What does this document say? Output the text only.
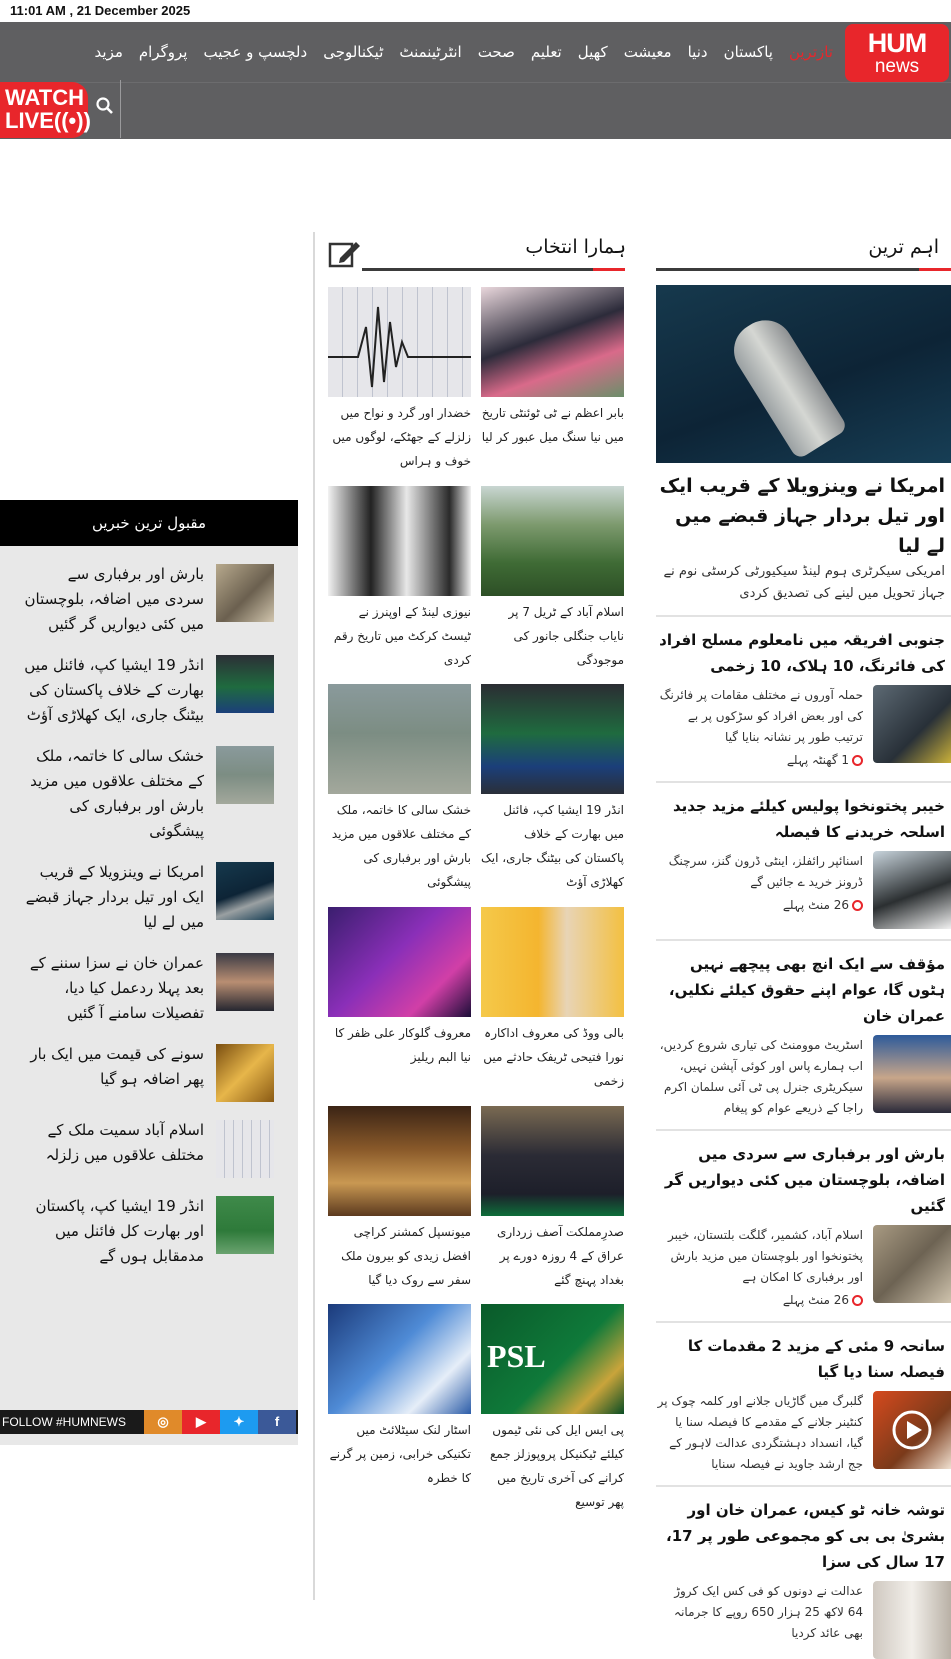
11:01 AM , 21 December 2025
HUM
news
تازترین
پاکستان
دنیا
معیشت
کھیل
تعلیم
صحت
انٹرٹینمنٹ
ٹیکنالوجی
دلچسپ و عجیب
پروگرام
مزید
WATCH
LIVE((•))
اہم ترین
ہمارا انتخاب
امریکا نے وینزویلا کے قریب ایک اور تیل بردار جہاز قبضے میں لے لیا
امریکی سیکرٹری ہوم لینڈ سیکیورٹی کرسٹی نوم نے جہاز تحویل میں لینے کی تصدیق کردی
جنوبی افریقہ میں نامعلوم مسلح افراد کی فائرنگ، 10 ہلاک، 10 زخمی
حملہ آوروں نے مختلف مقامات پر فائرنگ کی اور بعض افراد کو سڑکوں پر بے ترتیب طور پر نشانہ بنایا گیا
1 گھنٹہ پہلے
خیبر پختونخوا پولیس کیلئے مزید جدید اسلحہ خریدنے کا فیصلہ
اسنائپر رائفلز، اینٹی ڈرون گنز، سرچنگ ڈرونز خرید ے جائیں گے
26 منٹ پہلے
مؤقف سے ایک انچ بھی پیچھے نہیں ہٹوں گا، عوام اپنے حقوق کیلئے نکلیں، عمران خان
اسٹریٹ موومنٹ کی تیاری شروع کردیں، اب ہمارے پاس اور کوئی آپشن نہیں، سیکریٹری جنرل پی ٹی آئی سلمان اکرم راجا کے ذریعے عوام کو پیغام
بارش اور برفباری سے سردی میں اضافہ، بلوچستان میں کئی دیواریں گر گئیں
اسلام آباد، کشمیر، گلگت بلتستان، خیبر پختونخوا اور بلوچستان میں مزید بارش اور برفباری کا امکان ہے
26 منٹ پہلے
سانحہ 9 مئی کے مزید 2 مقدمات کا فیصلہ سنا دیا گیا
گلبرگ میں گاڑیاں جلانے اور کلمہ چوک پر کنٹینر جلانے کے مقدمے کا فیصلہ سنا یا گیا، انسداد دہشتگردی عدالت لاہور کے جج ارشد جاوید نے فیصلہ سنایا
توشہ خانہ ٹو کیس، عمران خان اور بشریٰ بی بی کو مجموعی طور پر 17، 17 سال کی سزا
عدالت نے دونوں کو فی کس ایک کروڑ 64 لاکھ 25 ہزار 650 روپے کا جرمانہ بھی عائد کردیا
بابر اعظم نے ٹی ٹوئنٹی تاریخ میں نیا سنگ میل عبور کر لیا
خضدار اور گرد و نواح میں زلزلے کے جھٹکے، لوگوں میں خوف و ہراس
اسلام آباد کے ٹریل 7 پر نایاب جنگلی جانور کی موجودگی
نیوزی لینڈ کے اوپنرز نے ٹیسٹ کرکٹ میں تاریخ رقم کردی
انڈر 19 ایشیا کپ، فائنل میں بھارت کے خلاف پاکستان کی بیٹنگ جاری، ایک کھلاڑی آؤٹ
خشک سالی کا خاتمہ، ملک کے مختلف علاقوں میں مزید بارش اور برفباری کی پیشگوئی
بالی ووڈ کی معروف اداکارہ نورا فتیحی ٹریفک حادثے میں زخمی
معروف گلوکار علی ظفر کا نیا البم ریلیز
صدرِمملکت آصف زرداری عراق کے 4 روزہ دورے پر بغداد پہنچ گئے
میونسپل کمشنر کراچی افضل زیدی کو بیرون ملک سفر سے روک دیا گیا
PSL
پی ایس ایل کی نئی ٹیموں کیلئے ٹیکنیکل پروپوزلز جمع کرانے کی آخری تاریخ میں پھر توسیع
اسٹار لنک سیٹلائٹ میں تکنیکی خرابی، زمین پر گرنے کا خطرہ
مقبول ترین خبریں
بارش اور برفباری سے سردی میں اضافہ، بلوچستان میں کئی دیواریں گر گئیں
انڈر 19 ایشیا کپ، فائنل میں بھارت کے خلاف پاکستان کی بیٹنگ جاری، ایک کھلاڑی آؤٹ
خشک سالی کا خاتمہ، ملک کے مختلف علاقوں میں مزید بارش اور برفباری کی پیشگوئی
امریکا نے وینزویلا کے قریب ایک اور تیل بردار جہاز قبضے میں لے لیا
عمران خان نے سزا سننے کے بعد پہلا ردعمل کیا دیا، تفصیلات سامنے آ گئیں
سونے کی قیمت میں ایک بار پھر اضافہ ہو گیا
اسلام آباد سمیت ملک کے مختلف علاقوں میں زلزلہ
انڈر 19 ایشیا کپ، پاکستان اور بھارت کل فائنل میں مدمقابل ہوں گے
FOLLOW #HUMNEWS	◎	▶	✦	f
